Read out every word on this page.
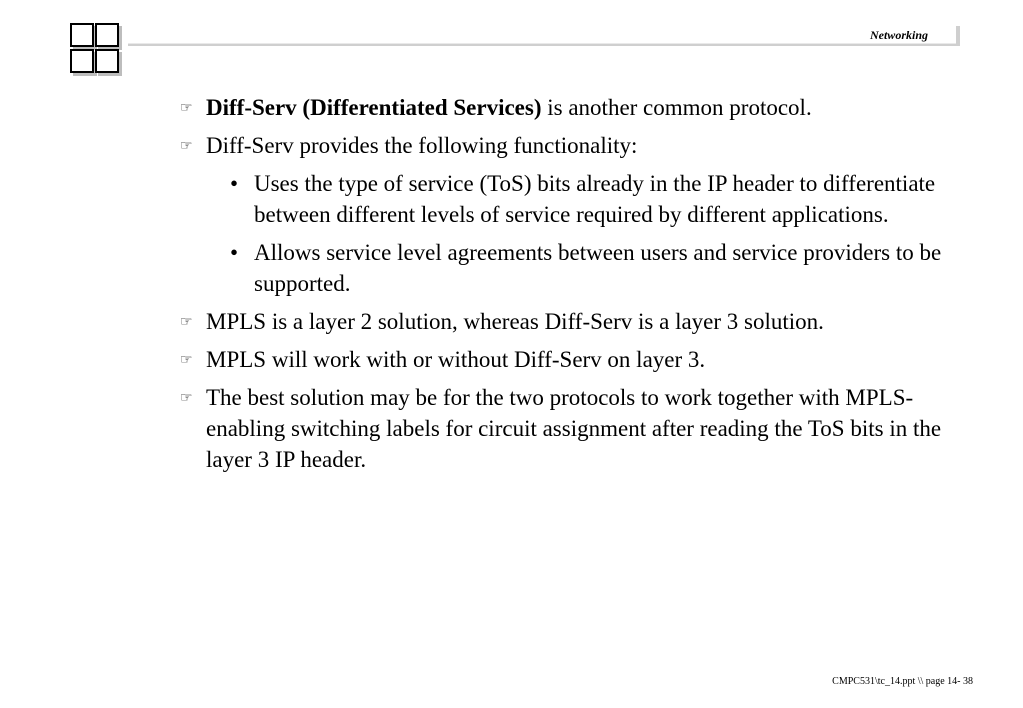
Networking
☞ Diff-Serv (Differentiated Services) is another common protocol.
☞ Diff-Serv provides the following functionality:
• Uses the type of service (ToS) bits already in the IP header to differentiate between different levels of service required by different applications.
• Allows service level agreements between users and service providers to be supported.
☞ MPLS is a layer 2 solution, whereas Diff-Serv is a layer 3 solution.
☞ MPLS will work with or without Diff-Serv on layer 3.
☞ The best solution may be for the two protocols to work together with MPLS-enabling switching labels for circuit assignment after reading the ToS bits in the layer 3 IP header.
CMPC531\tc_14.ppt \\ page 14- 38
